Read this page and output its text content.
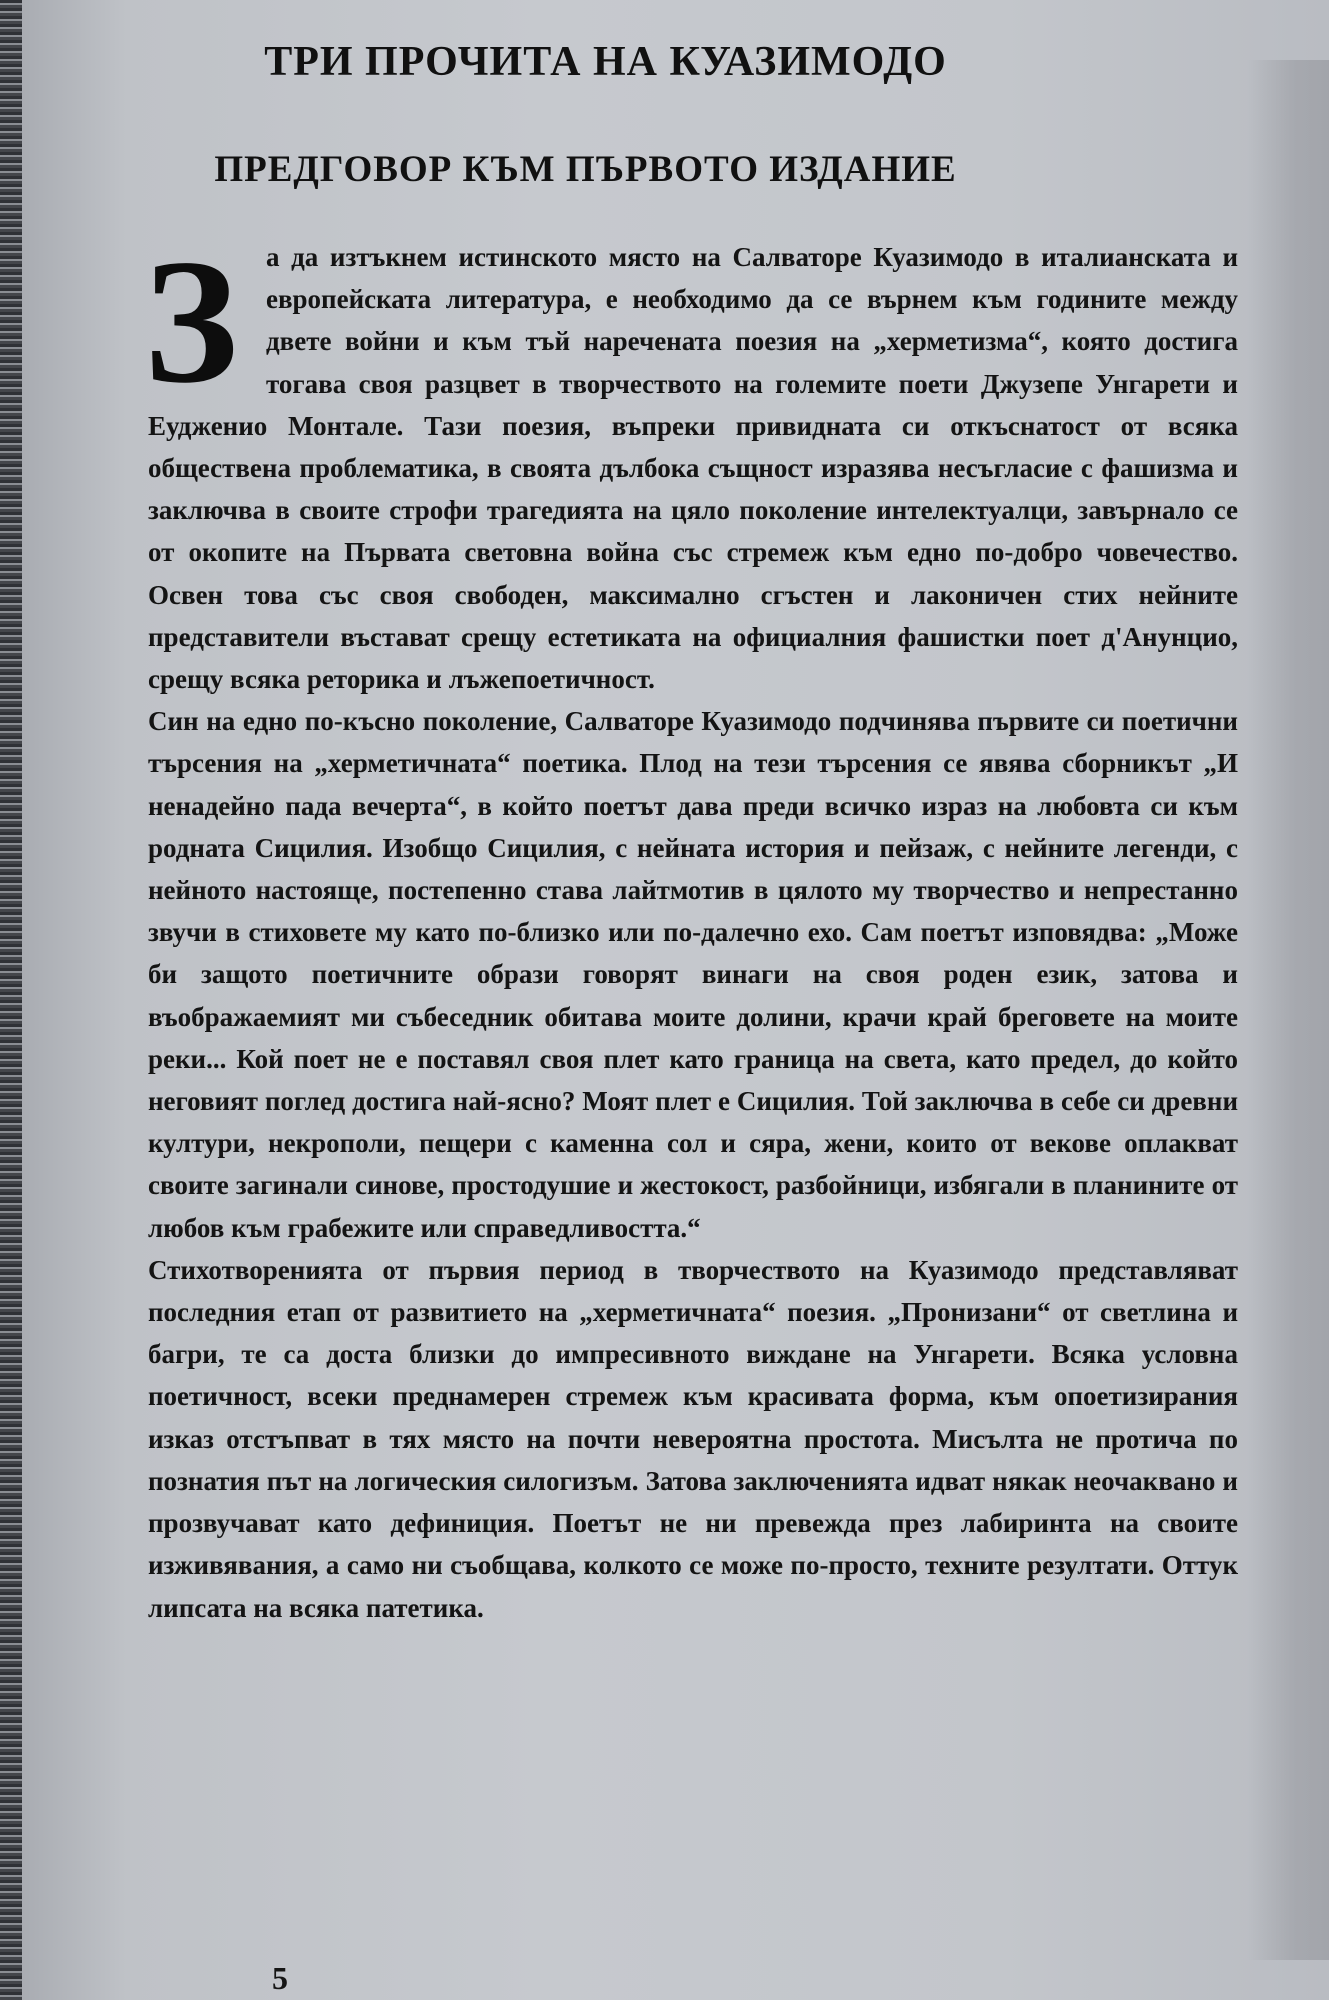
ТРИ ПРОЧИТА НА КУАЗИМОДО
ПРЕДГОВОР КЪМ ПЪРВОТО ИЗДАНИЕ

З а да изтъкнем истинското място на Салваторе Куазимодо в италианската и европейската литература, е необходимо да се върнем към годините между двете войни и към тъй наречената поезия на „херметизма“, която достига тогава своя разцвет в творчеството на големите поети Джузепе Унгарети и Еудженио Монтале. Тази поезия, въпреки привидната си откъснатост от всяка обществена проблематика, в своята дълбока същност изразява несъгласие с фашизма и заключва в своите строфи трагедията на цяло поколение интелектуалци, завърнало се от окопите на Първата световна война със стремеж към едно по-добро човечество. Освен това със своя свободен, максимално сгъстен и лаконичен стих нейните представители въстават срещу естетиката на официалния фашистки поет д'Анунцио, срещу всяка реторика и лъжепоетичност.

Син на едно по-късно поколение, Салваторе Куазимодо подчинява първите си поетични търсения на „херметичната“ поетика. Плод на тези търсения се явява сборникът „И ненадейно пада вечерта“, в който поетът дава преди всичко израз на любовта си към родната Сицилия. Изобщо Сицилия, с нейната история и пейзаж, с нейните легенди, с нейното настояще, постепенно става лайтмотив в цялото му творчество и непрестанно звучи в стиховете му като по-близко или по-далечно ехо. Сам поетът изповядва: „Може би защото поетичните образи говорят винаги на своя роден език, затова и въображаемият ми събеседник обитава моите долини, крачи край бреговете на моите реки... Кой поет не е поставял своя плет като граница на света, като предел, до който неговият поглед достига най-ясно? Моят плет е Сицилия. Той заключва в себе си древни култури, некрополи, пещери с каменна сол и сяра, жени, които от векове оплакват своите загинали синове, простодушие и жестокост, разбойници, избягали в планините от любов към грабежите или справедливостта.“

Стихотворенията от първия период в творчеството на Куазимодо представляват последния етап от развитието на „херметичната“ поезия. „Пронизани“ от светлина и багри, те са доста близки до импресивното виждане на Унгарети. Всяка условна поетичност, всеки преднамерен стремеж към красивата форма, към опоетизирания изказ отстъпват в тях място на почти невероятна простота. Мисълта не протича по познатия път на логическия силогизъм. Затова заключенията идват някак неочаквано и прозвучават като дефиниция. Поетът не ни превежда през лабиринта на своите изживявания, а само ни съобщава, колкото се може по-просто, техните резултати. Оттук липсата на всяка патетика.

5
